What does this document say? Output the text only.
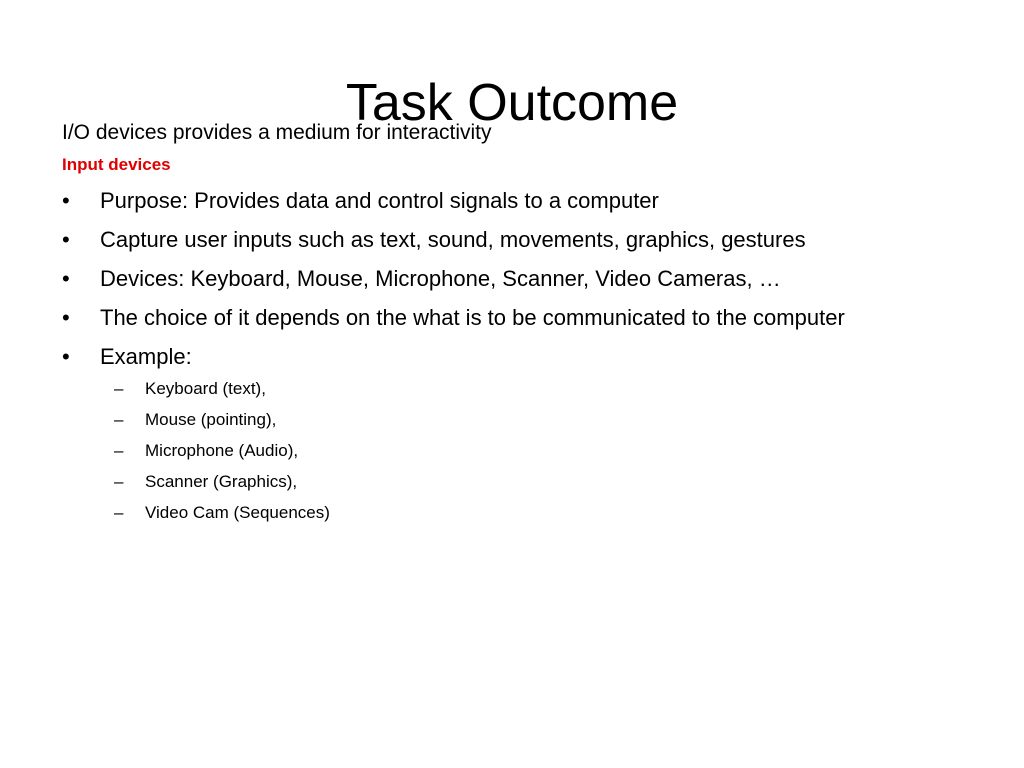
Task Outcome
I/O devices provides a medium for interactivity
Input devices
•	Purpose: Provides data and control signals to a computer
•	Capture user inputs such as text, sound, movements, graphics, gestures
•	Devices: Keyboard, Mouse, Microphone, Scanner, Video Cameras, …
•	The choice of it depends on the what is to be communicated to the computer
•	Example:
– Keyboard (text),
– Mouse (pointing),
– Microphone (Audio),
– Scanner (Graphics),
– Video Cam (Sequences)
